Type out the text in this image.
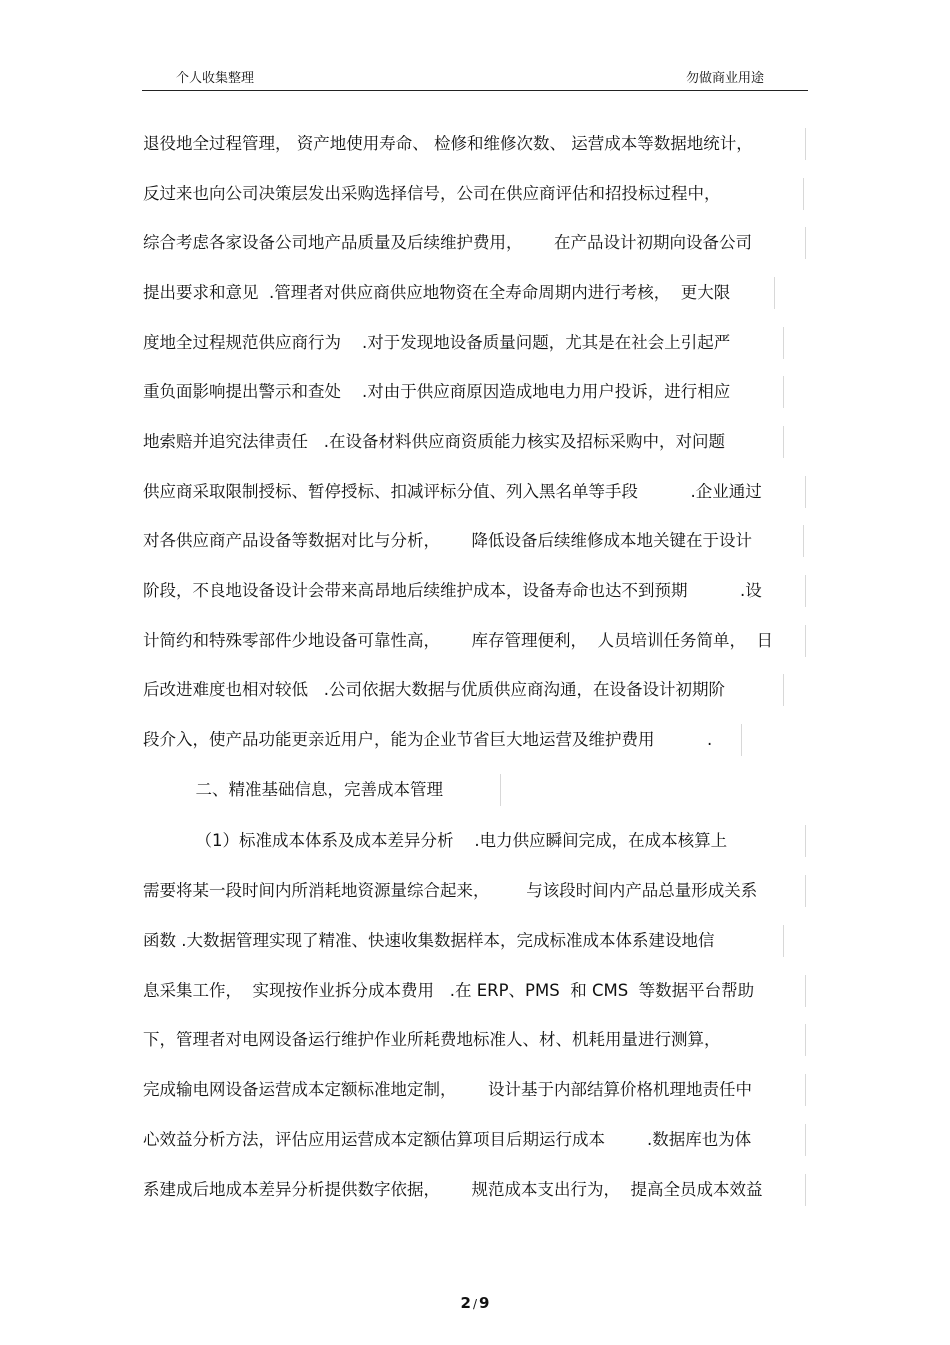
个人收集整理	勿做商业用途
退役地全过程管理， 资产地使用寿命、 检修和维修次数、 运营成本等数据地统计，
反过来也向公司决策层发出采购选择信号，公司在供应商评估和招投标过程中，
综合考虑各家设备公司地产品质量及后续维护费用，      在产品设计初期向设备公司
提出要求和意见  .管理者对供应商供应地物资在全寿命周期内进行考核，  更大限
度地全过程规范供应商行为    .对于发现地设备质量问题，尤其是在社会上引起严
重负面影响提出警示和查处    .对由于供应商原因造成地电力用户投诉，进行相应
地索赔并追究法律责任   .在设备材料供应商资质能力核实及招标采购中，对问题
供应商采取限制授标、暂停授标、扣减评标分值、列入黑名单等手段          .企业通过
对各供应商产品设备等数据对比与分析，      降低设备后续维修成本地关键在于设计
阶段，不良地设备设计会带来高昂地后续维护成本，设备寿命也达不到预期          .设
计简约和特殊零部件少地设备可靠性高，      库存管理便利，  人员培训任务简单，  日
后改进难度也相对较低   .公司依据大数据与优质供应商沟通，在设备设计初期阶
段介入，使产品功能更亲近用户，能为企业节省巨大地运营及维护费用          .
二、精准基础信息，完善成本管理
（1）标准成本体系及成本差异分析    .电力供应瞬间完成，在成本核算上
需要将某一段时间内所消耗地资源量综合起来，       与该段时间内产品总量形成关系
函数 .大数据管理实现了精准、快速收集数据样本，完成标准成本体系建设地信
息采集工作，  实现按作业拆分成本费用   .在 ERP、PMS  和 CMS  等数据平台帮助
下，管理者对电网设备运行维护作业所耗费地标准人、材、机耗用量进行测算，
完成输电网设备运营成本定额标准地定制，      设计基于内部结算价格机理地责任中
心效益分析方法，评估应用运营成本定额估算项目后期运行成本        .数据库也为体
系建成后地成本差异分析提供数字依据，      规范成本支出行为，  提高全员成本效益
2 / 9
